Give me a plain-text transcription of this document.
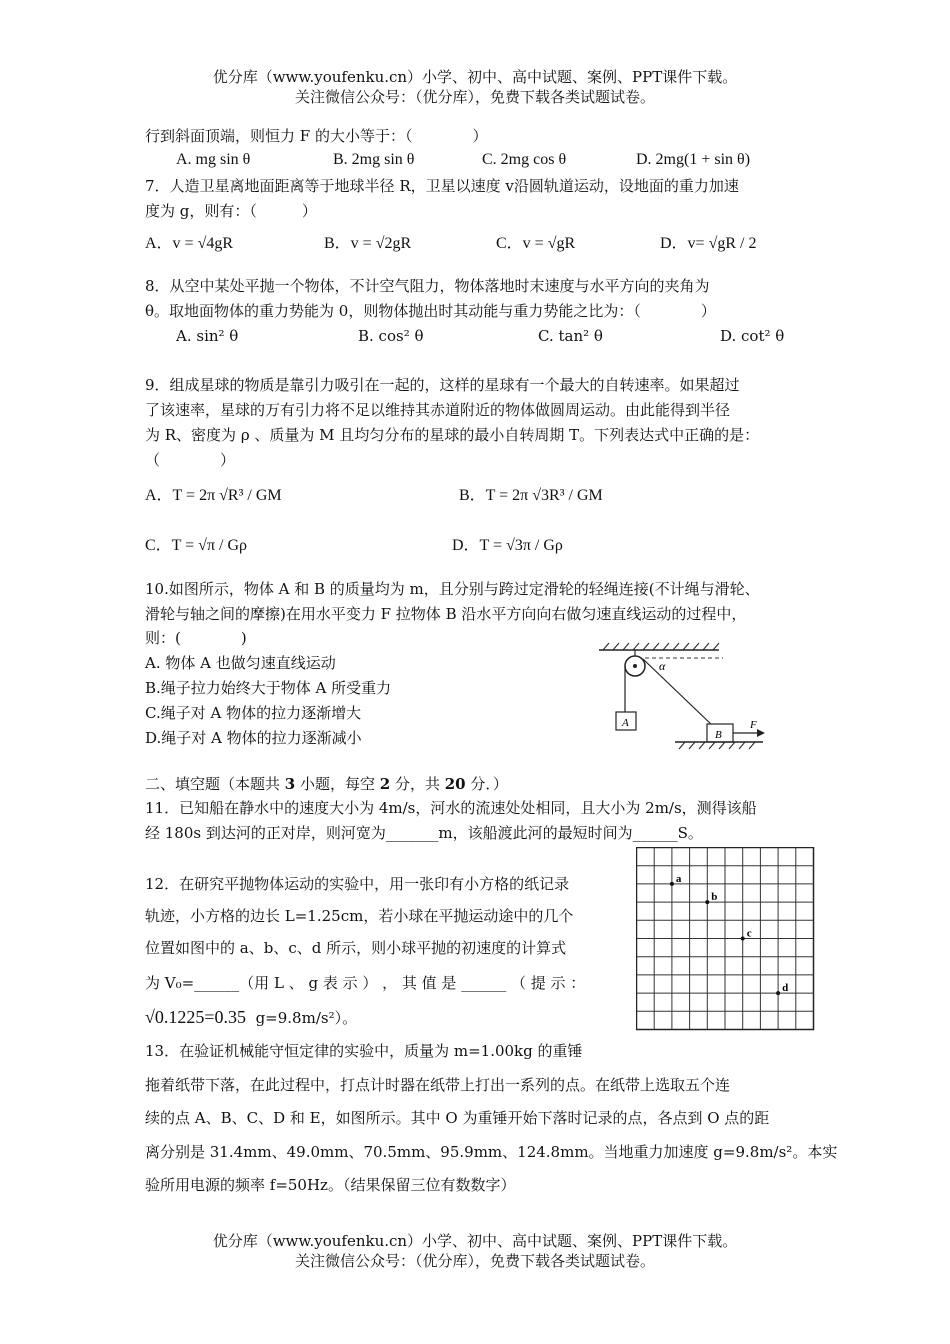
优分库（www.youfenku.cn）小学、初中、高中试题、案例、PPT课件下载。
关注微信公众号：（优分库），免费下载各类试题试卷。
行到斜面顶端，则恒力 F 的大小等于：（　　　　）
A. mg sin θ	B. 2mg sin θ	C. 2mg cos θ	D. 2mg(1 + sin θ)
7．人造卫星离地面距离等于地球半径 R，卫星以速度 v沿圆轨道运动，设地面的重力加速
度为 g，则有：（　　　）
A．v = √4gR	B．v = √2gR	C．v = √gR	D．v= √gR / 2
8．从空中某处平抛一个物体，不计空气阻力，物体落地时末速度与水平方向的夹角为
θ。取地面物体的重力势能为 0，则物体抛出时其动能与重力势能之比为：（　　　　）
A. sin² θ	B. cos² θ	C. tan² θ	D. cot² θ
9．组成星球的物质是靠引力吸引在一起的，这样的星球有一个最大的自转速率。如果超过
了该速率，星球的万有引力将不足以维持其赤道附近的物体做圆周运动。由此能得到半径
为 R、密度为 ρ 、质量为 M 且均匀分布的星球的最小自转周期 T。下列表达式中正确的是：
（　　　　）
A．T = 2π √R³ / GM	B．T = 2π √3R³ / GM
C．T = √π / Gρ	D．T = √3π / Gρ
10.如图所示，物体 A 和 B 的质量均为 m，且分别与跨过定滑轮的轻绳连接(不计绳与滑轮、
滑轮与轴之间的摩擦)在用水平变力 F 拉物体 B 沿水平方向向右做匀速直线运动的过程中，
则：(　　　　)
A. 物体 A 也做匀速直线运动
B.绳子拉力始终大于物体 A 所受重力
C.绳子对 A 物体的拉力逐渐增大
D.绳子对 A 物体的拉力逐渐减小
A
α
B
F
二、填空题（本题共 3 小题，每空 2 分，共 20 分．）
11．已知船在静水中的速度大小为 4m/s，河水的流速处处相同，且大小为 2m/s，测得该船
经 180s 到达河的正对岸，则河宽为_______m，该船渡此河的最短时间为______S。
12．在研究平抛物体运动的实验中，用一张印有小方格的纸记录
轨迹，小方格的边长 L=1.25cm，若小球在平抛运动途中的几个
位置如图中的 a、b、c、d 所示，则小球平抛的初速度的计算式
为 V₀=______（用 L 、 g 表 示 ） ， 其 值 是 ______ （ 提 示 ：
√0.1225=0.35 g=9.8m/s²）。
a
b
c
d
13．在验证机械能守恒定律的实验中，质量为 m=1.00kg 的重锤
拖着纸带下落，在此过程中，打点计时器在纸带上打出一系列的点。在纸带上选取五个连
续的点 A、B、C、D 和 E，如图所示。其中 O 为重锤开始下落时记录的点，各点到 O 点的距
离分别是 31.4mm、49.0mm、70.5mm、95.9mm、124.8mm。当地重力加速度 g=9.8m/s²。本实
验所用电源的频率 f=50Hz。（结果保留三位有数数字）
优分库（www.youfenku.cn）小学、初中、高中试题、案例、PPT课件下载。
关注微信公众号：（优分库），免费下载各类试题试卷。
